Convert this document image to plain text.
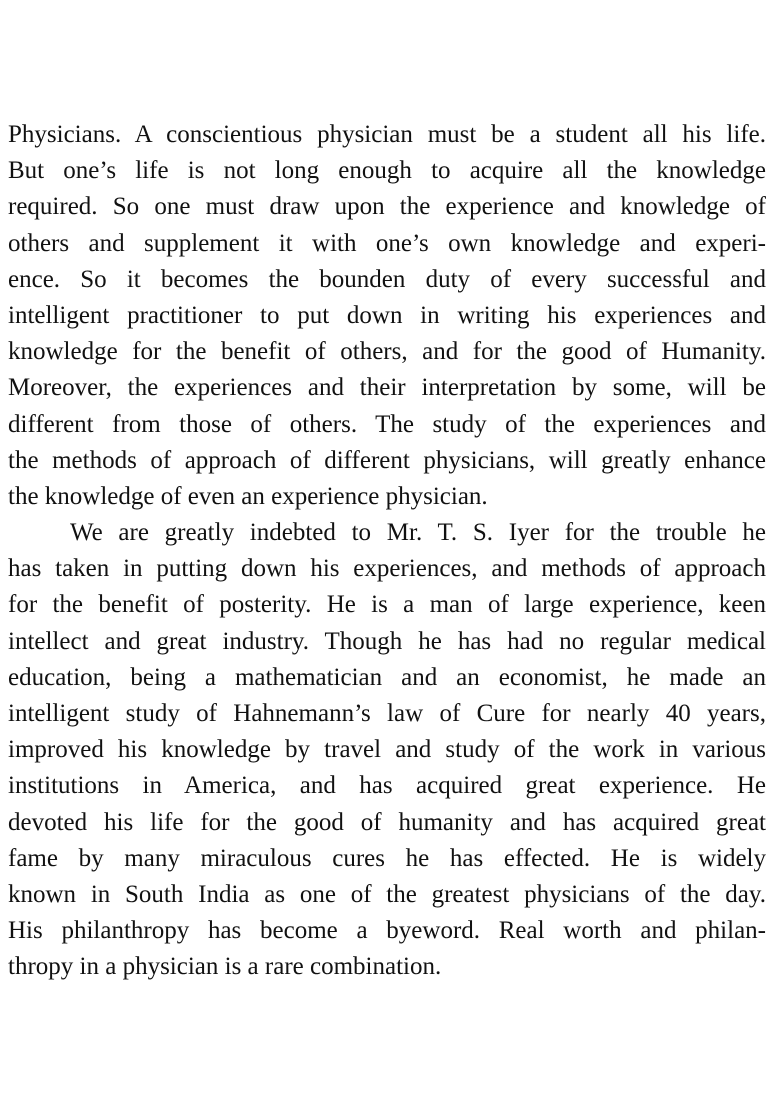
Physicians. A conscientious physician must be a student all his life.
But one’s life is not long enough to acquire all the knowledge
required. So one must draw upon the experience and knowledge of
others and supplement it with one’s own knowledge and experi-
ence. So it becomes the bounden duty of every successful and
intelligent practitioner to put down in writing his experiences and
knowledge for the benefit of others, and for the good of Humanity.
Moreover, the experiences and their interpretation by some, will be
different from those of others. The study of the experiences and
the methods of approach of different physicians, will greatly enhance
the knowledge of even an experience physician.
We are greatly indebted to Mr. T. S. Iyer for the trouble he
has taken in putting down his experiences, and methods of approach
for the benefit of posterity. He is a man of large experience, keen
intellect and great industry. Though he has had no regular medical
education, being a mathematician and an economist, he made an
intelligent study of Hahnemann’s law of Cure for nearly 40 years,
improved his knowledge by travel and study of the work in various
institutions in America, and has acquired great experience. He
devoted his life for the good of humanity and has acquired great
fame by many miraculous cures he has effected. He is widely
known in South India as one of the greatest physicians of the day.
His philanthropy has become a byeword. Real worth and philan-
thropy in a physician is a rare combination.
